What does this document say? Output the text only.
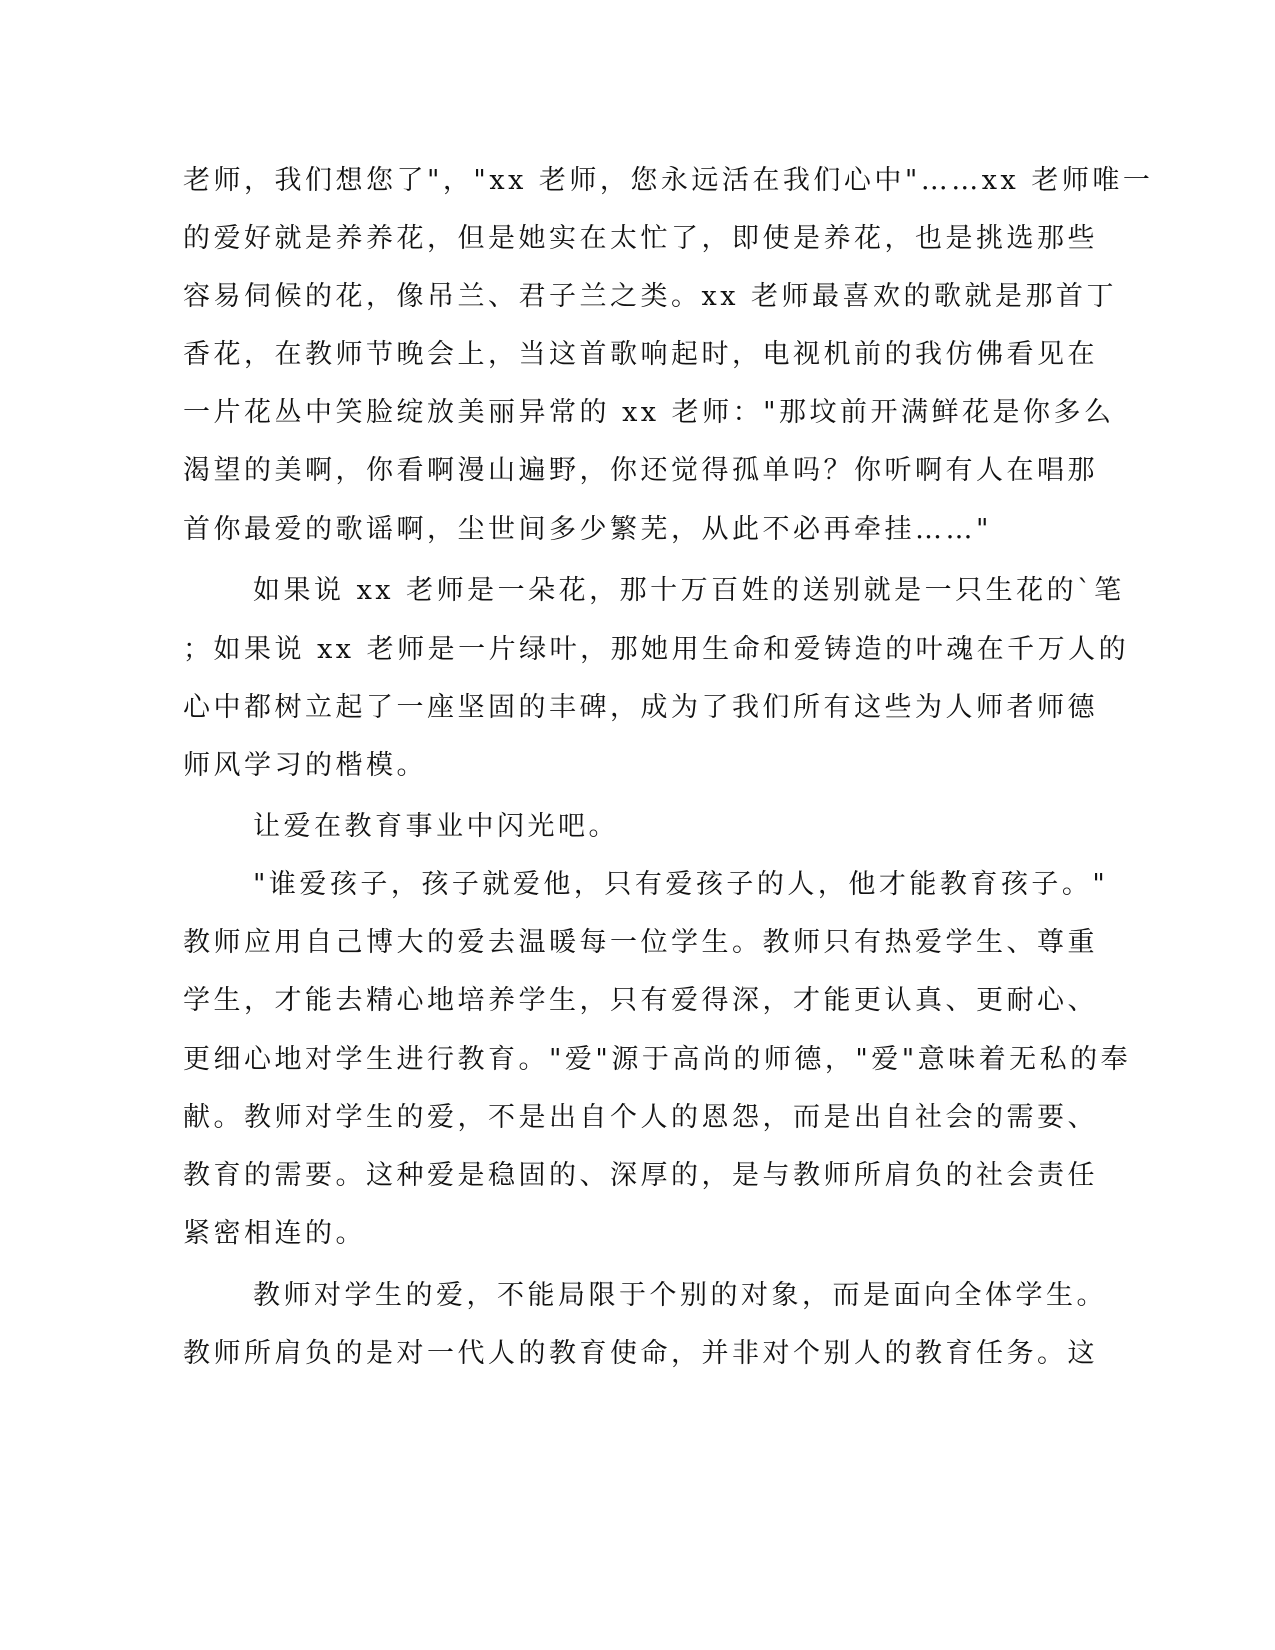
老师，我们想您了"，"xx 老师，您永远活在我们心中"……xx 老师唯一
的爱好就是养养花，但是她实在太忙了，即使是养花，也是挑选那些
容易伺候的花，像吊兰、君子兰之类。xx 老师最喜欢的歌就是那首丁
香花，在教师节晚会上，当这首歌响起时，电视机前的我仿佛看见在
一片花丛中笑脸绽放美丽异常的 xx 老师："那坟前开满鲜花是你多么
渴望的美啊，你看啊漫山遍野，你还觉得孤单吗？你听啊有人在唱那
首你最爱的歌谣啊，尘世间多少繁芜，从此不必再牵挂……"
如果说 xx 老师是一朵花，那十万百姓的送别就是一只生花的`笔
；如果说 xx 老师是一片绿叶，那她用生命和爱铸造的叶魂在千万人的
心中都树立起了一座坚固的丰碑，成为了我们所有这些为人师者师德
师风学习的楷模。
让爱在教育事业中闪光吧。
"谁爱孩子，孩子就爱他，只有爱孩子的人，他才能教育孩子。"
教师应用自己博大的爱去温暖每一位学生。教师只有热爱学生、尊重
学生，才能去精心地培养学生，只有爱得深，才能更认真、更耐心、
更细心地对学生进行教育。"爱"源于高尚的师德，"爱"意味着无私的奉
献。教师对学生的爱，不是出自个人的恩怨，而是出自社会的需要、
教育的需要。这种爱是稳固的、深厚的，是与教师所肩负的社会责任
紧密相连的。
教师对学生的爱，不能局限于个别的对象，而是面向全体学生。
教师所肩负的是对一代人的教育使命，并非对个别人的教育任务。这
